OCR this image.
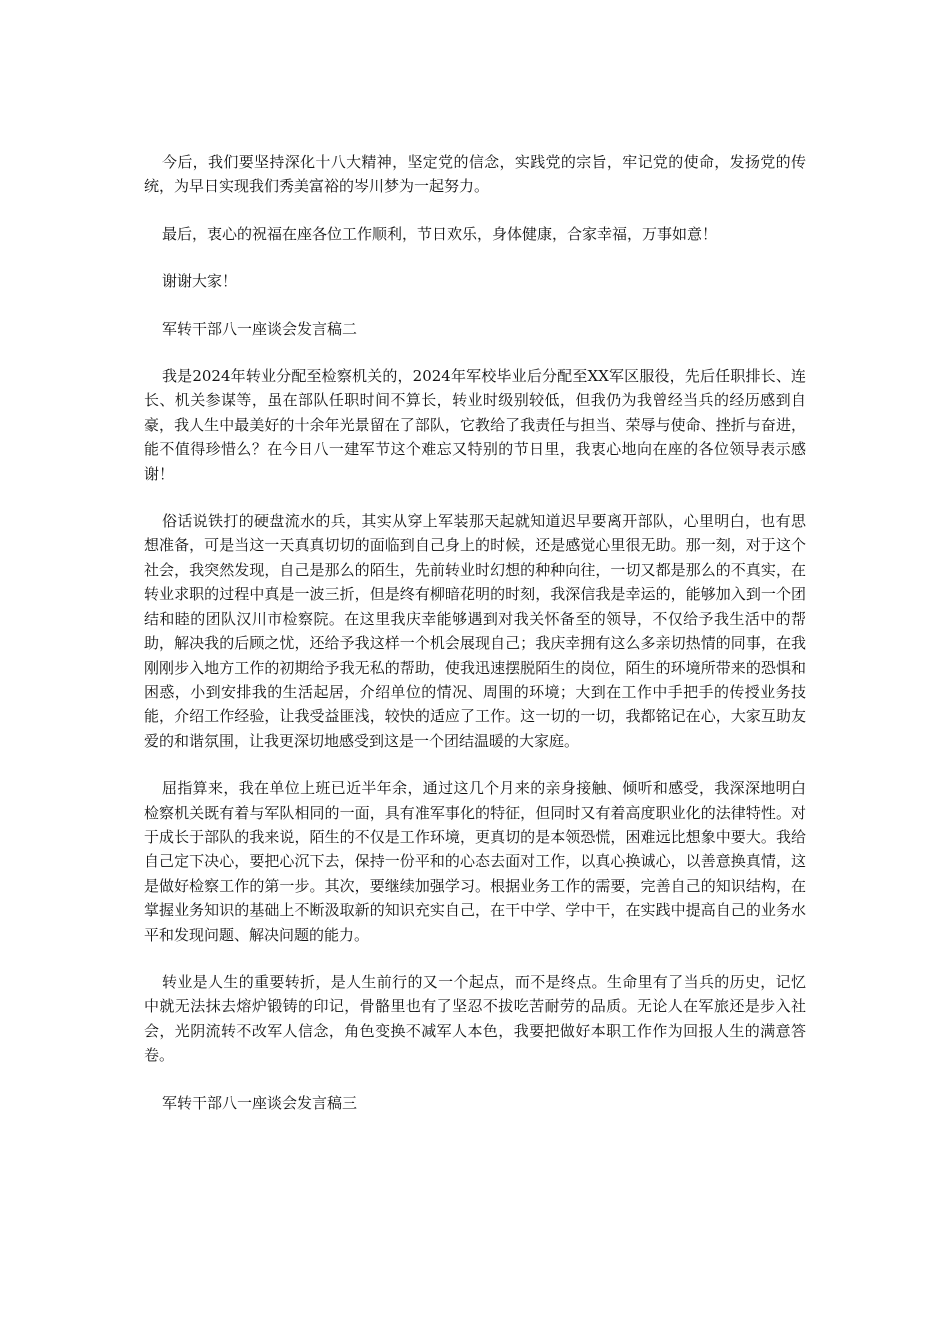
今后，我们要坚持深化十八大精神，坚定党的信念，实践党的宗旨，牢记党的使命，发扬党的传统，为早日实现我们秀美富裕的岑川梦为一起努力。

最后，衷心的祝福在座各位工作顺利，节日欢乐，身体健康，合家幸福，万事如意！

谢谢大家！

军转干部八一座谈会发言稿二

我是2024年转业分配至检察机关的，2024年军校毕业后分配至XX军区服役，先后任职排长、连长、机关参谋等，虽在部队任职时间不算长，转业时级别较低，但我仍为我曾经当兵的经历感到自豪，我人生中最美好的十余年光景留在了部队，它教给了我责任与担当、荣辱与使命、挫折与奋进，能不值得珍惜么？在今日八一建军节这个难忘又特别的节日里，我衷心地向在座的各位领导表示感谢！

俗话说铁打的硬盘流水的兵，其实从穿上军装那天起就知道迟早要离开部队，心里明白，也有思想准备，可是当这一天真真切切的面临到自己身上的时候，还是感觉心里很无助。那一刻，对于这个社会，我突然发现，自己是那么的陌生，先前转业时幻想的种种向往，一切又都是那么的不真实，在转业求职的过程中真是一波三折，但是终有柳暗花明的时刻，我深信我是幸运的，能够加入到一个团结和睦的团队汉川市检察院。在这里我庆幸能够遇到对我关怀备至的领导，不仅给予我生活中的帮助，解决我的后顾之忧，还给予我这样一个机会展现自己；我庆幸拥有这么多亲切热情的同事，在我刚刚步入地方工作的初期给予我无私的帮助，使我迅速摆脱陌生的岗位，陌生的环境所带来的恐惧和困惑，小到安排我的生活起居，介绍单位的情况、周围的环境；大到在工作中手把手的传授业务技能，介绍工作经验，让我受益匪浅，较快的适应了工作。这一切的一切，我都铭记在心，大家互助友爱的和谐氛围，让我更深切地感受到这是一个团结温暖的大家庭。

屈指算来，我在单位上班已近半年余，通过这几个月来的亲身接触、倾听和感受，我深深地明白检察机关既有着与军队相同的一面，具有准军事化的特征，但同时又有着高度职业化的法律特性。对于成长于部队的我来说，陌生的不仅是工作环境，更真切的是本领恐慌，困难远比想象中要大。我给自己定下决心，要把心沉下去，保持一份平和的心态去面对工作，以真心换诚心，以善意换真情，这是做好检察工作的第一步。其次，要继续加强学习。根据业务工作的需要，完善自己的知识结构，在掌握业务知识的基础上不断汲取新的知识充实自己，在干中学、学中干，在实践中提高自己的业务水平和发现问题、解决问题的能力。

转业是人生的重要转折，是人生前行的又一个起点，而不是终点。生命里有了当兵的历史，记忆中就无法抹去熔炉锻铸的印记，骨骼里也有了坚忍不拔吃苦耐劳的品质。无论人在军旅还是步入社会，光阴流转不改军人信念，角色变换不减军人本色，我要把做好本职工作作为回报人生的满意答卷。

军转干部八一座谈会发言稿三
